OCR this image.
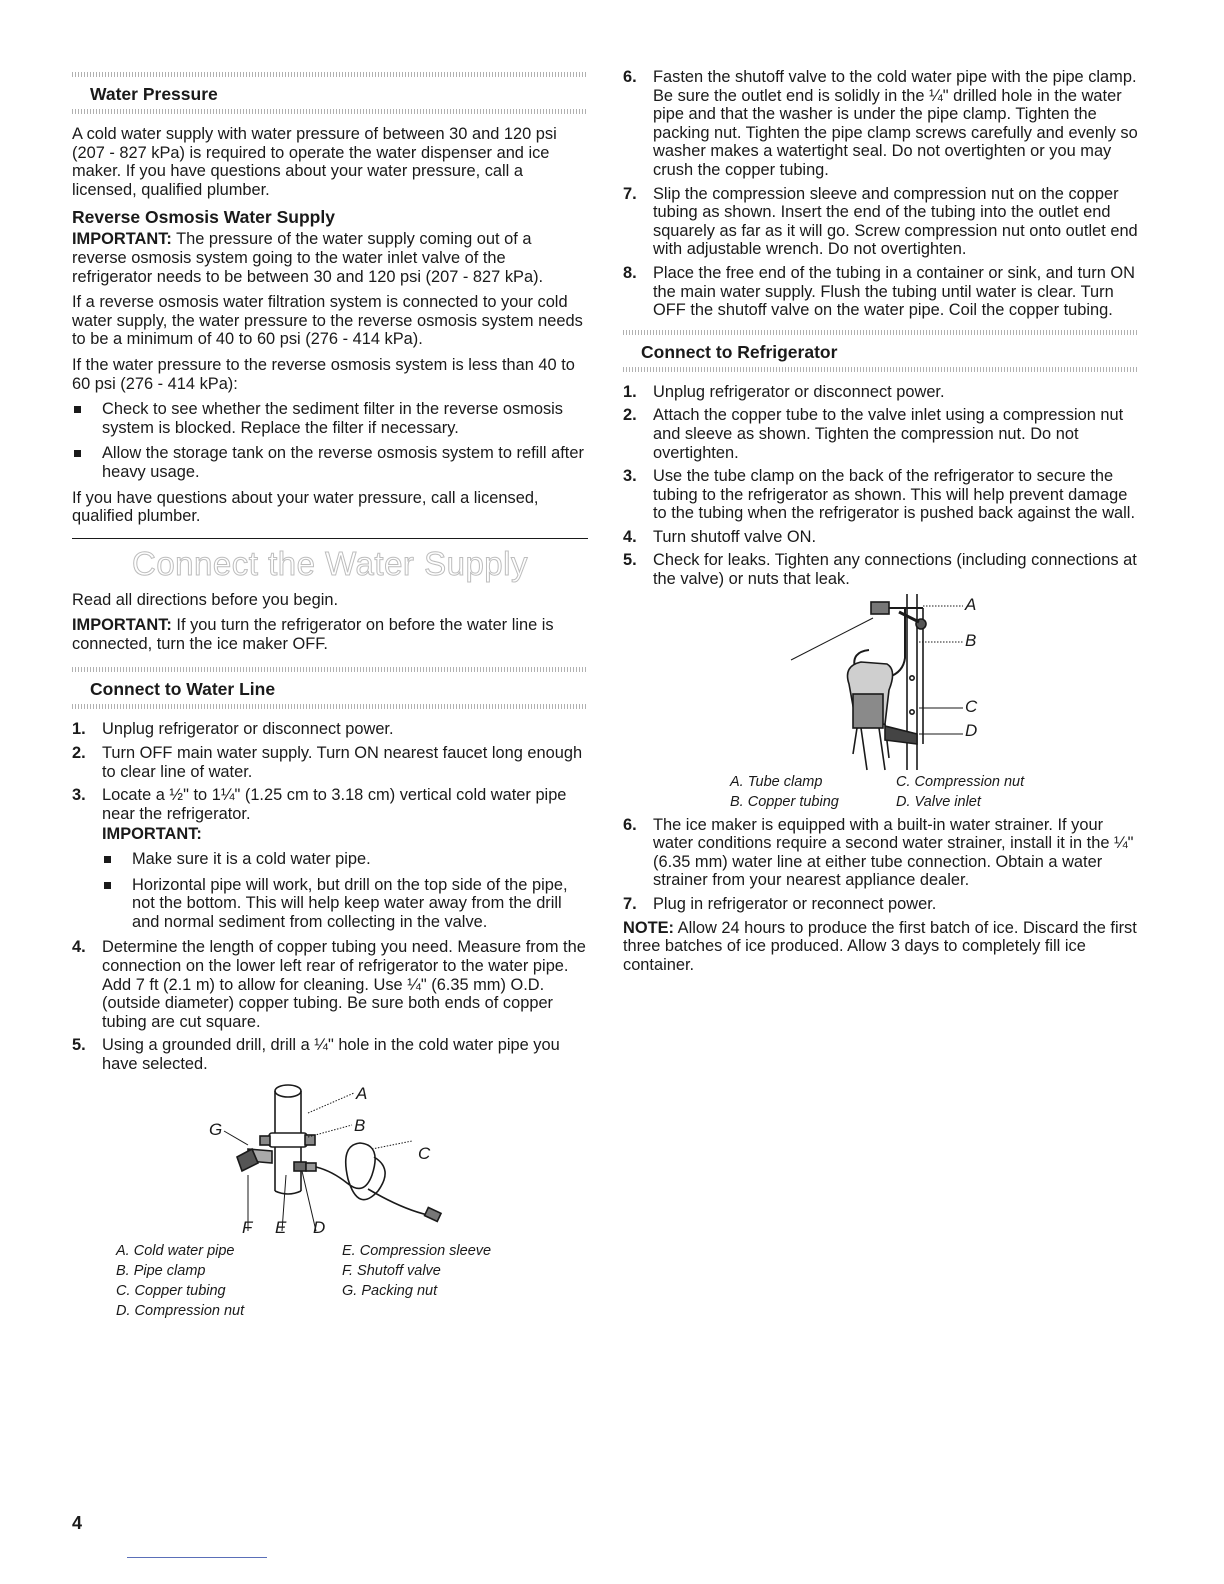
Water Pressure

A cold water supply with water pressure of between 30 and 120 psi (207 - 827 kPa) is required to operate the water dispenser and ice maker. If you have questions about your water pressure, call a licensed, qualified plumber.

Reverse Osmosis Water Supply

IMPORTANT: The pressure of the water supply coming out of a reverse osmosis system going to the water inlet valve of the refrigerator needs to be between 30 and 120 psi (207 - 827 kPa).

If a reverse osmosis water filtration system is connected to your cold water supply, the water pressure to the reverse osmosis system needs to be a minimum of 40 to 60 psi (276 - 414 kPa).

If the water pressure to the reverse osmosis system is less than 40 to 60 psi (276 - 414 kPa):

Check to see whether the sediment filter in the reverse osmosis system is blocked. Replace the filter if necessary.
Allow the storage tank on the reverse osmosis system to refill after heavy usage.

If you have questions about your water pressure, call a licensed, qualified plumber.

Connect the Water Supply

Read all directions before you begin.

IMPORTANT: If you turn the refrigerator on before the water line is connected, turn the ice maker OFF.

Connect to Water Line
1. Unplug refrigerator or disconnect power.
2. Turn OFF main water supply. Turn ON nearest faucet long enough to clear line of water.
3. Locate a ½" to 1¼" (1.25 cm to 3.18 cm) vertical cold water pipe near the refrigerator.
IMPORTANT:
Make sure it is a cold water pipe.
Horizontal pipe will work, but drill on the top side of the pipe, not the bottom. This will help keep water away from the drill and normal sediment from collecting in the valve.
4. Determine the length of copper tubing you need. Measure from the connection on the lower left rear of refrigerator to the water pipe. Add 7 ft (2.1 m) to allow for cleaning. Use ¼" (6.35 mm) O.D. (outside diameter) copper tubing. Be sure both ends of copper tubing are cut square.
5. Using a grounded drill, drill a ¼" hole in the cold water pipe you have selected.
A
B
C
G
F E D
A. Cold water pipe
B. Pipe clamp
C. Copper tubing
D. Compression nut
E. Compression sleeve
F. Shutoff valve
G. Packing nut
6. Fasten the shutoff valve to the cold water pipe with the pipe clamp. Be sure the outlet end is solidly in the ¼" drilled hole in the water pipe and that the washer is under the pipe clamp. Tighten the packing nut. Tighten the pipe clamp screws carefully and evenly so washer makes a watertight seal. Do not overtighten or you may crush the copper tubing.
7. Slip the compression sleeve and compression nut on the copper tubing as shown. Insert the end of the tubing into the outlet end squarely as far as it will go. Screw compression nut onto outlet end with adjustable wrench. Do not overtighten.
8. Place the free end of the tubing in a container or sink, and turn ON the main water supply. Flush the tubing until water is clear. Turn OFF the shutoff valve on the water pipe. Coil the copper tubing.
Connect to Refrigerator
1. Unplug refrigerator or disconnect power.
2. Attach the copper tube to the valve inlet using a compression nut and sleeve as shown. Tighten the compression nut. Do not overtighten.
3. Use the tube clamp on the back of the refrigerator to secure the tubing to the refrigerator as shown. This will help prevent damage to the tubing when the refrigerator is pushed back against the wall.
4. Turn shutoff valve ON.
5. Check for leaks. Tighten any connections (including connections at the valve) or nuts that leak.
A
B
C
D
A. Tube clamp
B. Copper tubing
C. Compression nut
D. Valve inlet
6. The ice maker is equipped with a built-in water strainer. If your water conditions require a second water strainer, install it in the ¼" (6.35 mm) water line at either tube connection. Obtain a water strainer from your nearest appliance dealer.
7. Plug in refrigerator or reconnect power.

NOTE: Allow 24 hours to produce the first batch of ice. Discard the first three batches of ice produced. Allow 3 days to completely fill ice container.

4
